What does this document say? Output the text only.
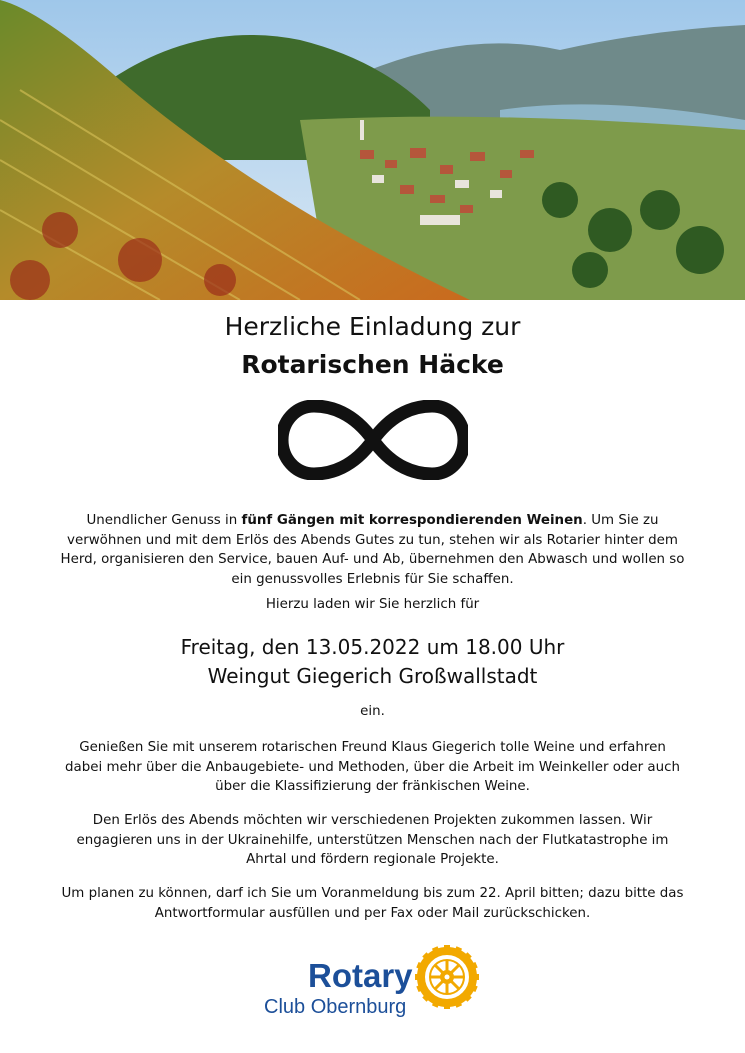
Herzliche Einladung zur
Rotarischen Häcke
Unendlicher Genuss in fünf Gängen mit korrespondierenden Weinen. Um Sie zu verwöhnen und mit dem Erlös des Abends Gutes zu tun, stehen wir als Rotarier hinter dem Herd, organisieren den Service, bauen Auf- und Ab, übernehmen den Abwasch und wollen so ein genussvolles Erlebnis für Sie schaffen.
Hierzu laden wir Sie herzlich für
Freitag, den 13.05.2022 um 18.00 Uhr
Weingut Giegerich Großwallstadt
ein.
Genießen Sie mit unserem rotarischen Freund Klaus Giegerich tolle Weine und erfahren dabei mehr über die Anbaugebiete- und Methoden, über die Arbeit im Weinkeller oder auch über die Klassifizierung der fränkischen Weine.
Den Erlös des Abends möchten wir verschiedenen Projekten zukommen lassen. Wir engagieren uns in der Ukrainehilfe, unterstützen Menschen nach der Flutkatastrophe im Ahrtal und fördern regionale Projekte.
Um planen zu können, darf ich Sie um Voranmeldung bis zum 22. April bitten; dazu bitte das Antwortformular ausfüllen und per Fax oder Mail zurückschicken.
Rotary
Club Obernburg
